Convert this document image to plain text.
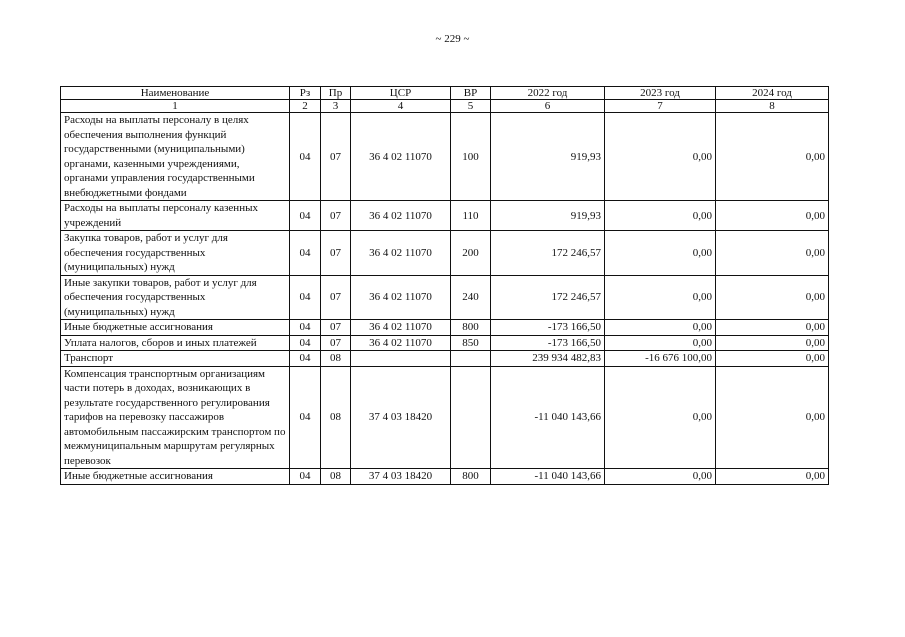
~ 229 ~
Наименование	Рз	Пр	ЦСР	ВР	2022 год	2023 год	2024 год
1	2	3	4	5	6	7	8
Расходы на выплаты персоналу в целях обеспечения выполнения функций государственными (муниципальными) органами, казенными учреждениями, органами управления государственными внебюджетными фондами	04	07	36 4 02 11070	100	919,93	0,00	0,00
Расходы на выплаты персоналу казенных учреждений	04	07	36 4 02 11070	110	919,93	0,00	0,00
Закупка товаров, работ и услуг для обеспечения государственных (муниципальных) нужд	04	07	36 4 02 11070	200	172 246,57	0,00	0,00
Иные закупки товаров, работ и услуг для обеспечения государственных (муниципальных) нужд	04	07	36 4 02 11070	240	172 246,57	0,00	0,00
Иные бюджетные ассигнования	04	07	36 4 02 11070	800	-173 166,50	0,00	0,00
Уплата налогов, сборов и иных платежей	04	07	36 4 02 11070	850	-173 166,50	0,00	0,00
Транспорт	04	08			239 934 482,83	-16 676 100,00	0,00
Компенсация транспортным организациям части потерь в доходах, возникающих в результате государственного регулирования тарифов на перевозку пассажиров автомобильным пассажирским транспортом по межмуниципальным маршрутам регулярных перевозок	04	08	37 4 03 18420		-11 040 143,66	0,00	0,00
Иные бюджетные ассигнования	04	08	37 4 03 18420	800	-11 040 143,66	0,00	0,00
